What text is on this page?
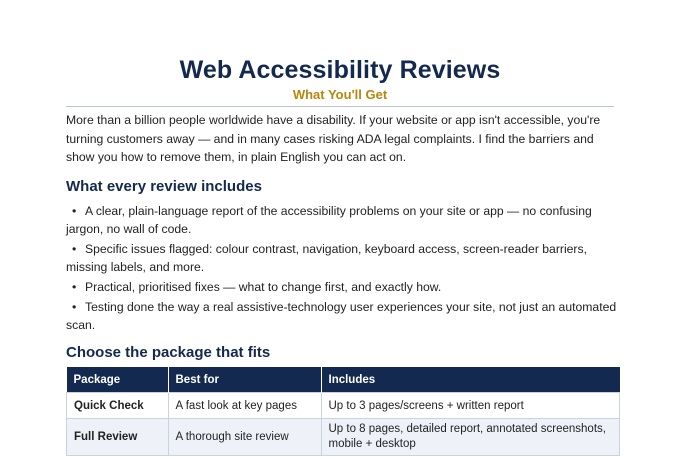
Web Accessibility Reviews
What You'll Get

More than a billion people worldwide have a disability. If your website or app isn't accessible, you're turning customers away — and in many cases risking ADA legal complaints. I find the barriers and show you how to remove them, in plain English you can act on.

What every review includes
• A clear, plain-language report of the accessibility problems on your site or app — no confusing jargon, no wall of code.
• Specific issues flagged: colour contrast, navigation, keyboard access, screen-reader barriers, missing labels, and more.
• Practical, prioritised fixes — what to change first, and exactly how.
• Testing done the way a real assistive-technology user experiences your site, not just an automated scan.
Choose the package that fits
Package	Best for	Includes
Quick Check	A fast look at key pages	Up to 3 pages/screens + written report
Full Review	A thorough site review	Up to 8 pages, detailed report, annotated screenshots, mobile + desktop
